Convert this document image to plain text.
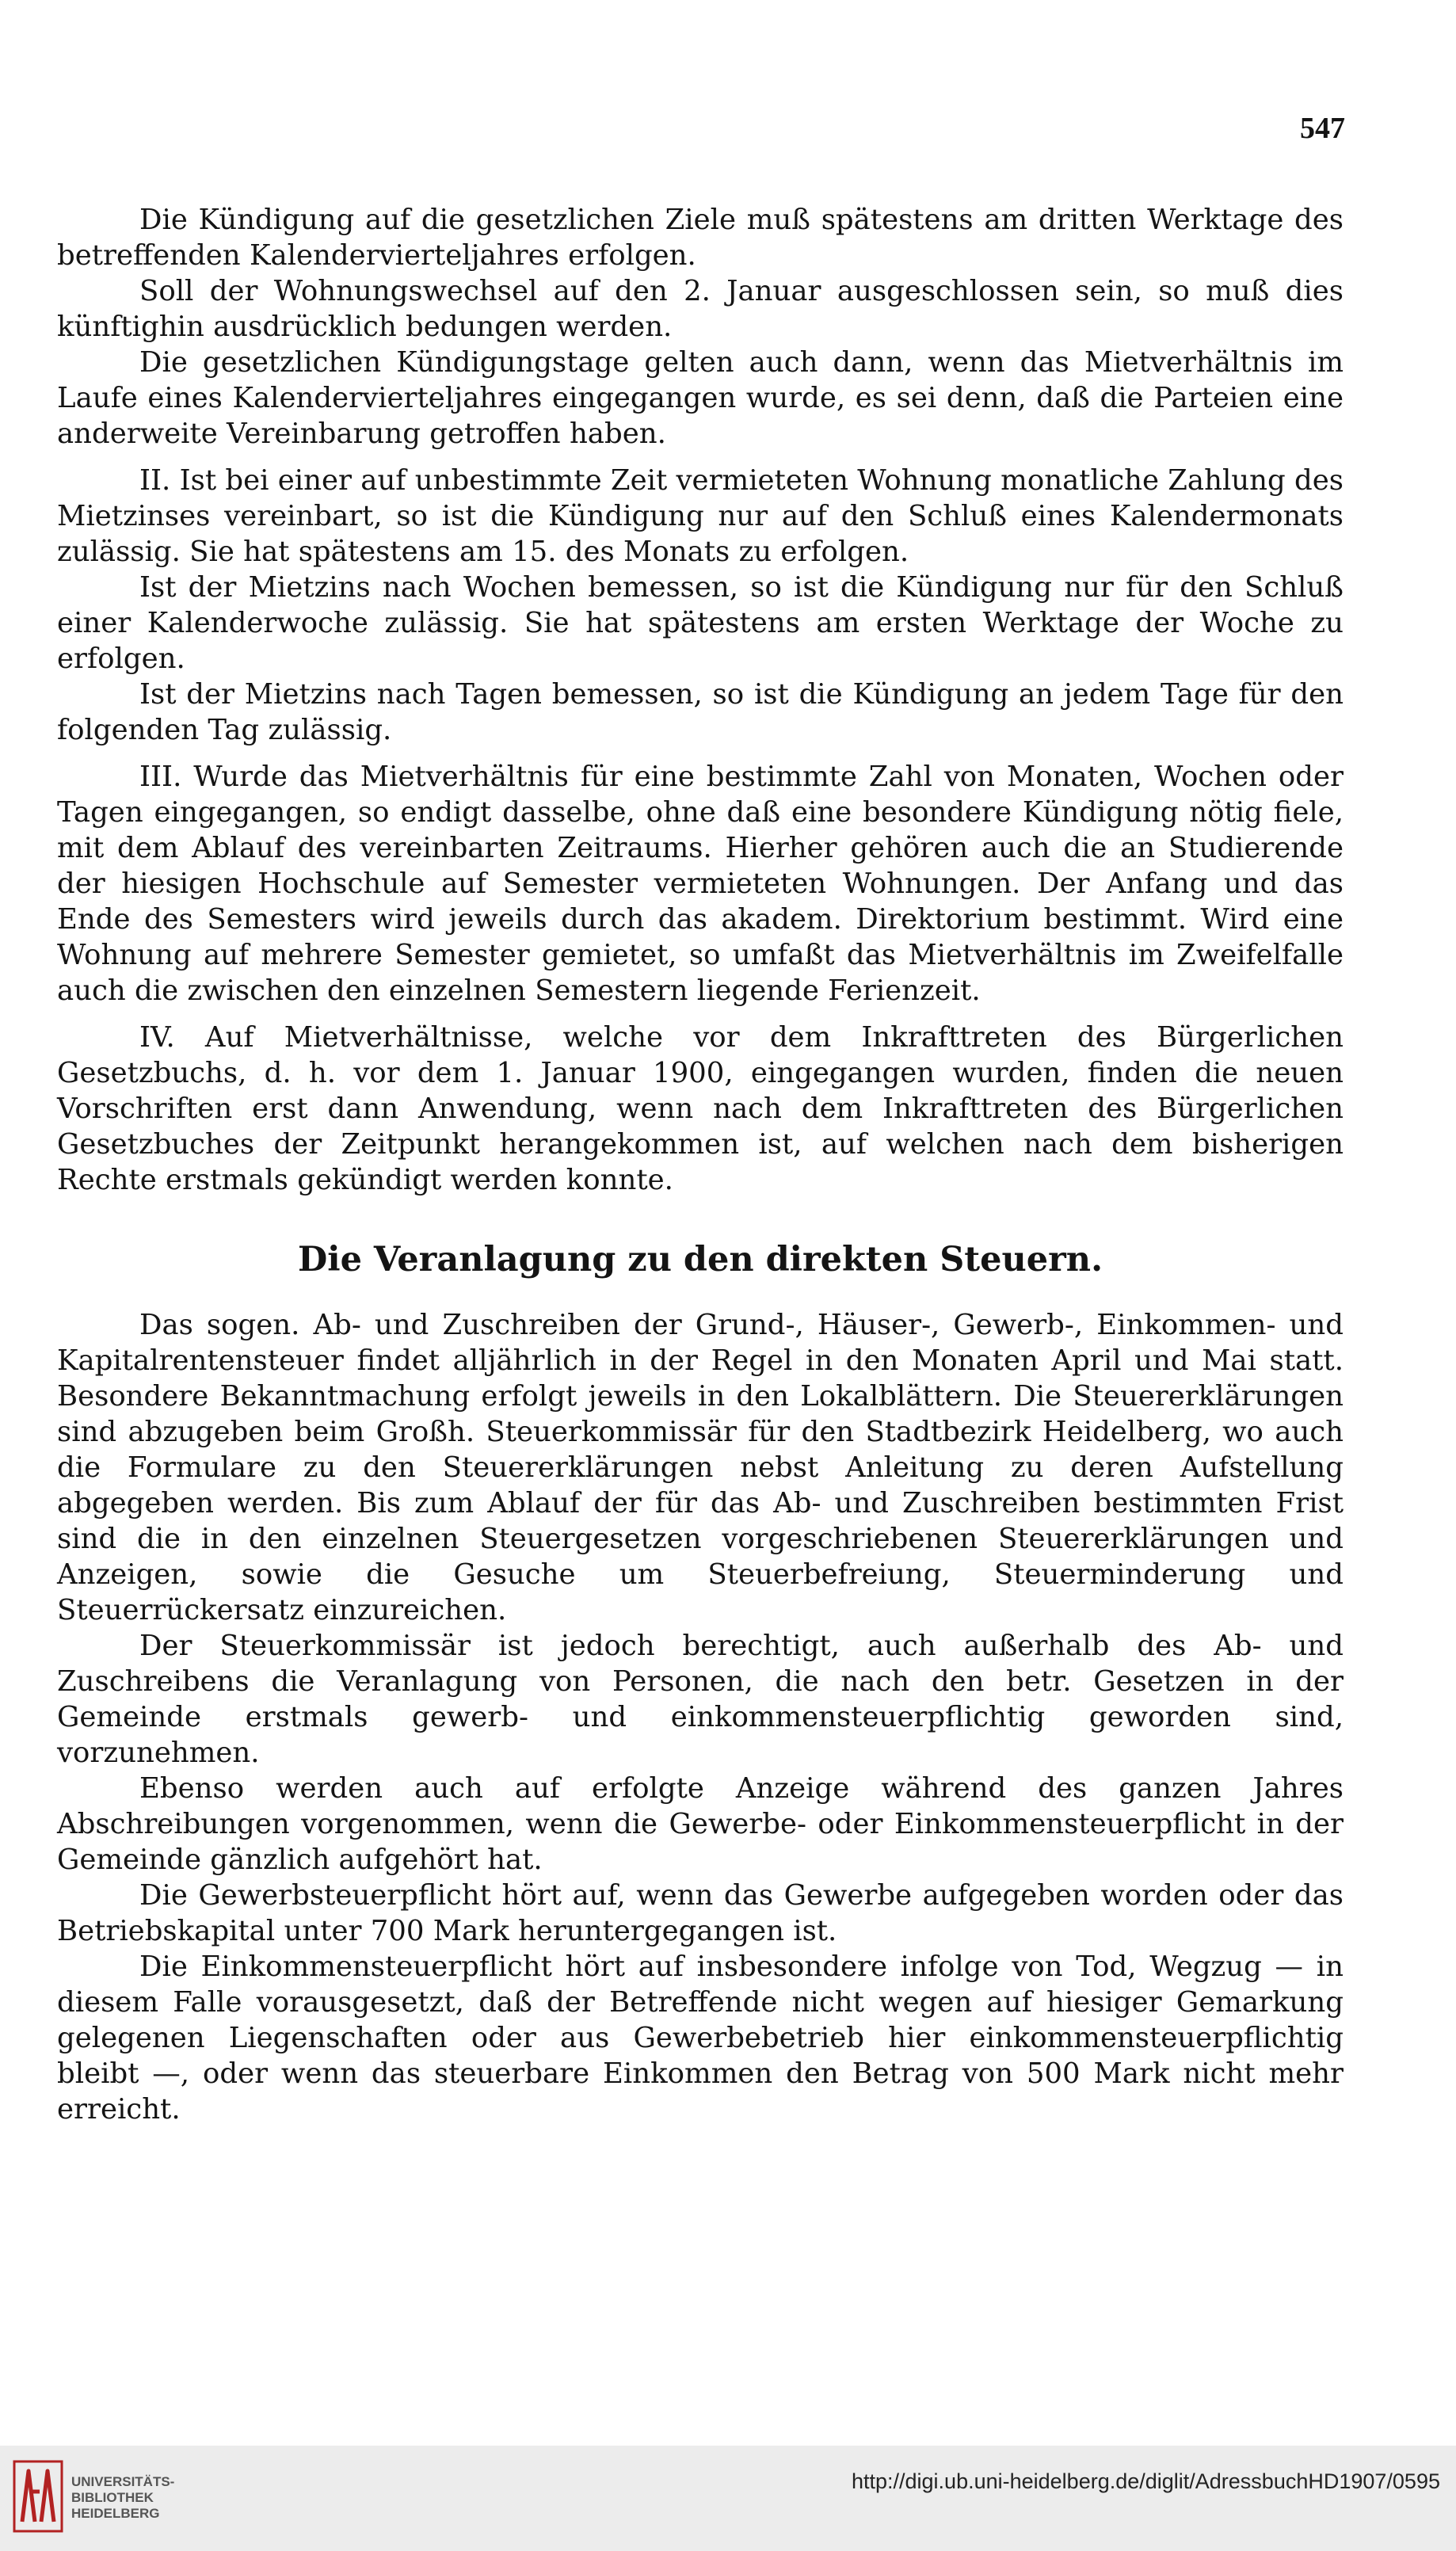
547

Die Kündigung auf die gesetzlichen Ziele muß spätestens am dritten Werktage des betreffenden Kalendervierteljahres erfolgen.

Soll der Wohnungswechsel auf den 2. Januar ausgeschlossen sein, so muß dies künftighin ausdrücklich bedungen werden.

Die gesetzlichen Kündigungstage gelten auch dann, wenn das Mietverhältnis im Laufe eines Kalendervierteljahres eingegangen wurde, es sei denn, daß die Parteien eine anderweite Vereinbarung getroffen haben.

II. Ist bei einer auf unbestimmte Zeit vermieteten Wohnung monatliche Zahlung des Mietzinses vereinbart, so ist die Kündigung nur auf den Schluß eines Kalendermonats zulässig. Sie hat spätestens am 15. des Monats zu erfolgen.

Ist der Mietzins nach Wochen bemessen, so ist die Kündigung nur für den Schluß einer Kalenderwoche zulässig. Sie hat spätestens am ersten Werktage der Woche zu erfolgen.

Ist der Mietzins nach Tagen bemessen, so ist die Kündigung an jedem Tage für den folgenden Tag zulässig.

III. Wurde das Mietverhältnis für eine bestimmte Zahl von Monaten, Wochen oder Tagen eingegangen, so endigt dasselbe, ohne daß eine besondere Kündigung nötig fiele, mit dem Ablauf des vereinbarten Zeitraums. Hierher gehören auch die an Studierende der hiesigen Hochschule auf Semester vermieteten Wohnungen. Der Anfang und das Ende des Semesters wird jeweils durch das akadem. Direktorium bestimmt. Wird eine Wohnung auf mehrere Semester gemietet, so umfaßt das Mietverhältnis im Zweifelfalle auch die zwischen den einzelnen Semestern liegende Ferienzeit.

IV. Auf Mietverhältnisse, welche vor dem Inkrafttreten des Bürgerlichen Gesetzbuchs, d. h. vor dem 1. Januar 1900, eingegangen wurden, finden die neuen Vorschriften erst dann Anwendung, wenn nach dem Inkrafttreten des Bürgerlichen Gesetzbuches der Zeitpunkt herangekommen ist, auf welchen nach dem bisherigen Rechte erstmals gekündigt werden konnte.

Die Veranlagung zu den direkten Steuern.

Das sogen. Ab- und Zuschreiben der Grund-, Häuser-, Gewerb-, Einkommen- und Kapitalrentensteuer findet alljährlich in der Regel in den Monaten April und Mai statt. Besondere Bekanntmachung erfolgt jeweils in den Lokalblättern. Die Steuererklärungen sind abzugeben beim Großh. Steuerkommissär für den Stadtbezirk Heidelberg, wo auch die Formulare zu den Steuererklärungen nebst Anleitung zu deren Aufstellung abgegeben werden. Bis zum Ablauf der für das Ab- und Zuschreiben bestimmten Frist sind die in den einzelnen Steuergesetzen vorgeschriebenen Steuererklärungen und Anzeigen, sowie die Gesuche um Steuerbefreiung, Steuerminderung und Steuerrückersatz einzureichen.

Der Steuerkommissär ist jedoch berechtigt, auch außerhalb des Ab- und Zuschreibens die Veranlagung von Personen, die nach den betr. Gesetzen in der Gemeinde erstmals gewerb- und einkommensteuerpflichtig geworden sind, vorzunehmen.

Ebenso werden auch auf erfolgte Anzeige während des ganzen Jahres Abschreibungen vorgenommen, wenn die Gewerbe- oder Einkommensteuerpflicht in der Gemeinde gänzlich aufgehört hat.

Die Gewerbsteuerpflicht hört auf, wenn das Gewerbe aufgegeben worden oder das Betriebskapital unter 700 Mark heruntergegangen ist.

Die Einkommensteuerpflicht hört auf insbesondere infolge von Tod, Wegzug — in diesem Falle vorausgesetzt, daß der Betreffende nicht wegen auf hiesiger Gemarkung gelegenen Liegenschaften oder aus Gewerbebetrieb hier einkommensteuerpflichtig bleibt —, oder wenn das steuerbare Einkommen den Betrag von 500 Mark nicht mehr erreicht.

UNIVERSITÄTS-
BIBLIOTHEK
HEIDELBERG
http://digi.ub.uni-heidelberg.de/diglit/AdressbuchHD1907/0595
